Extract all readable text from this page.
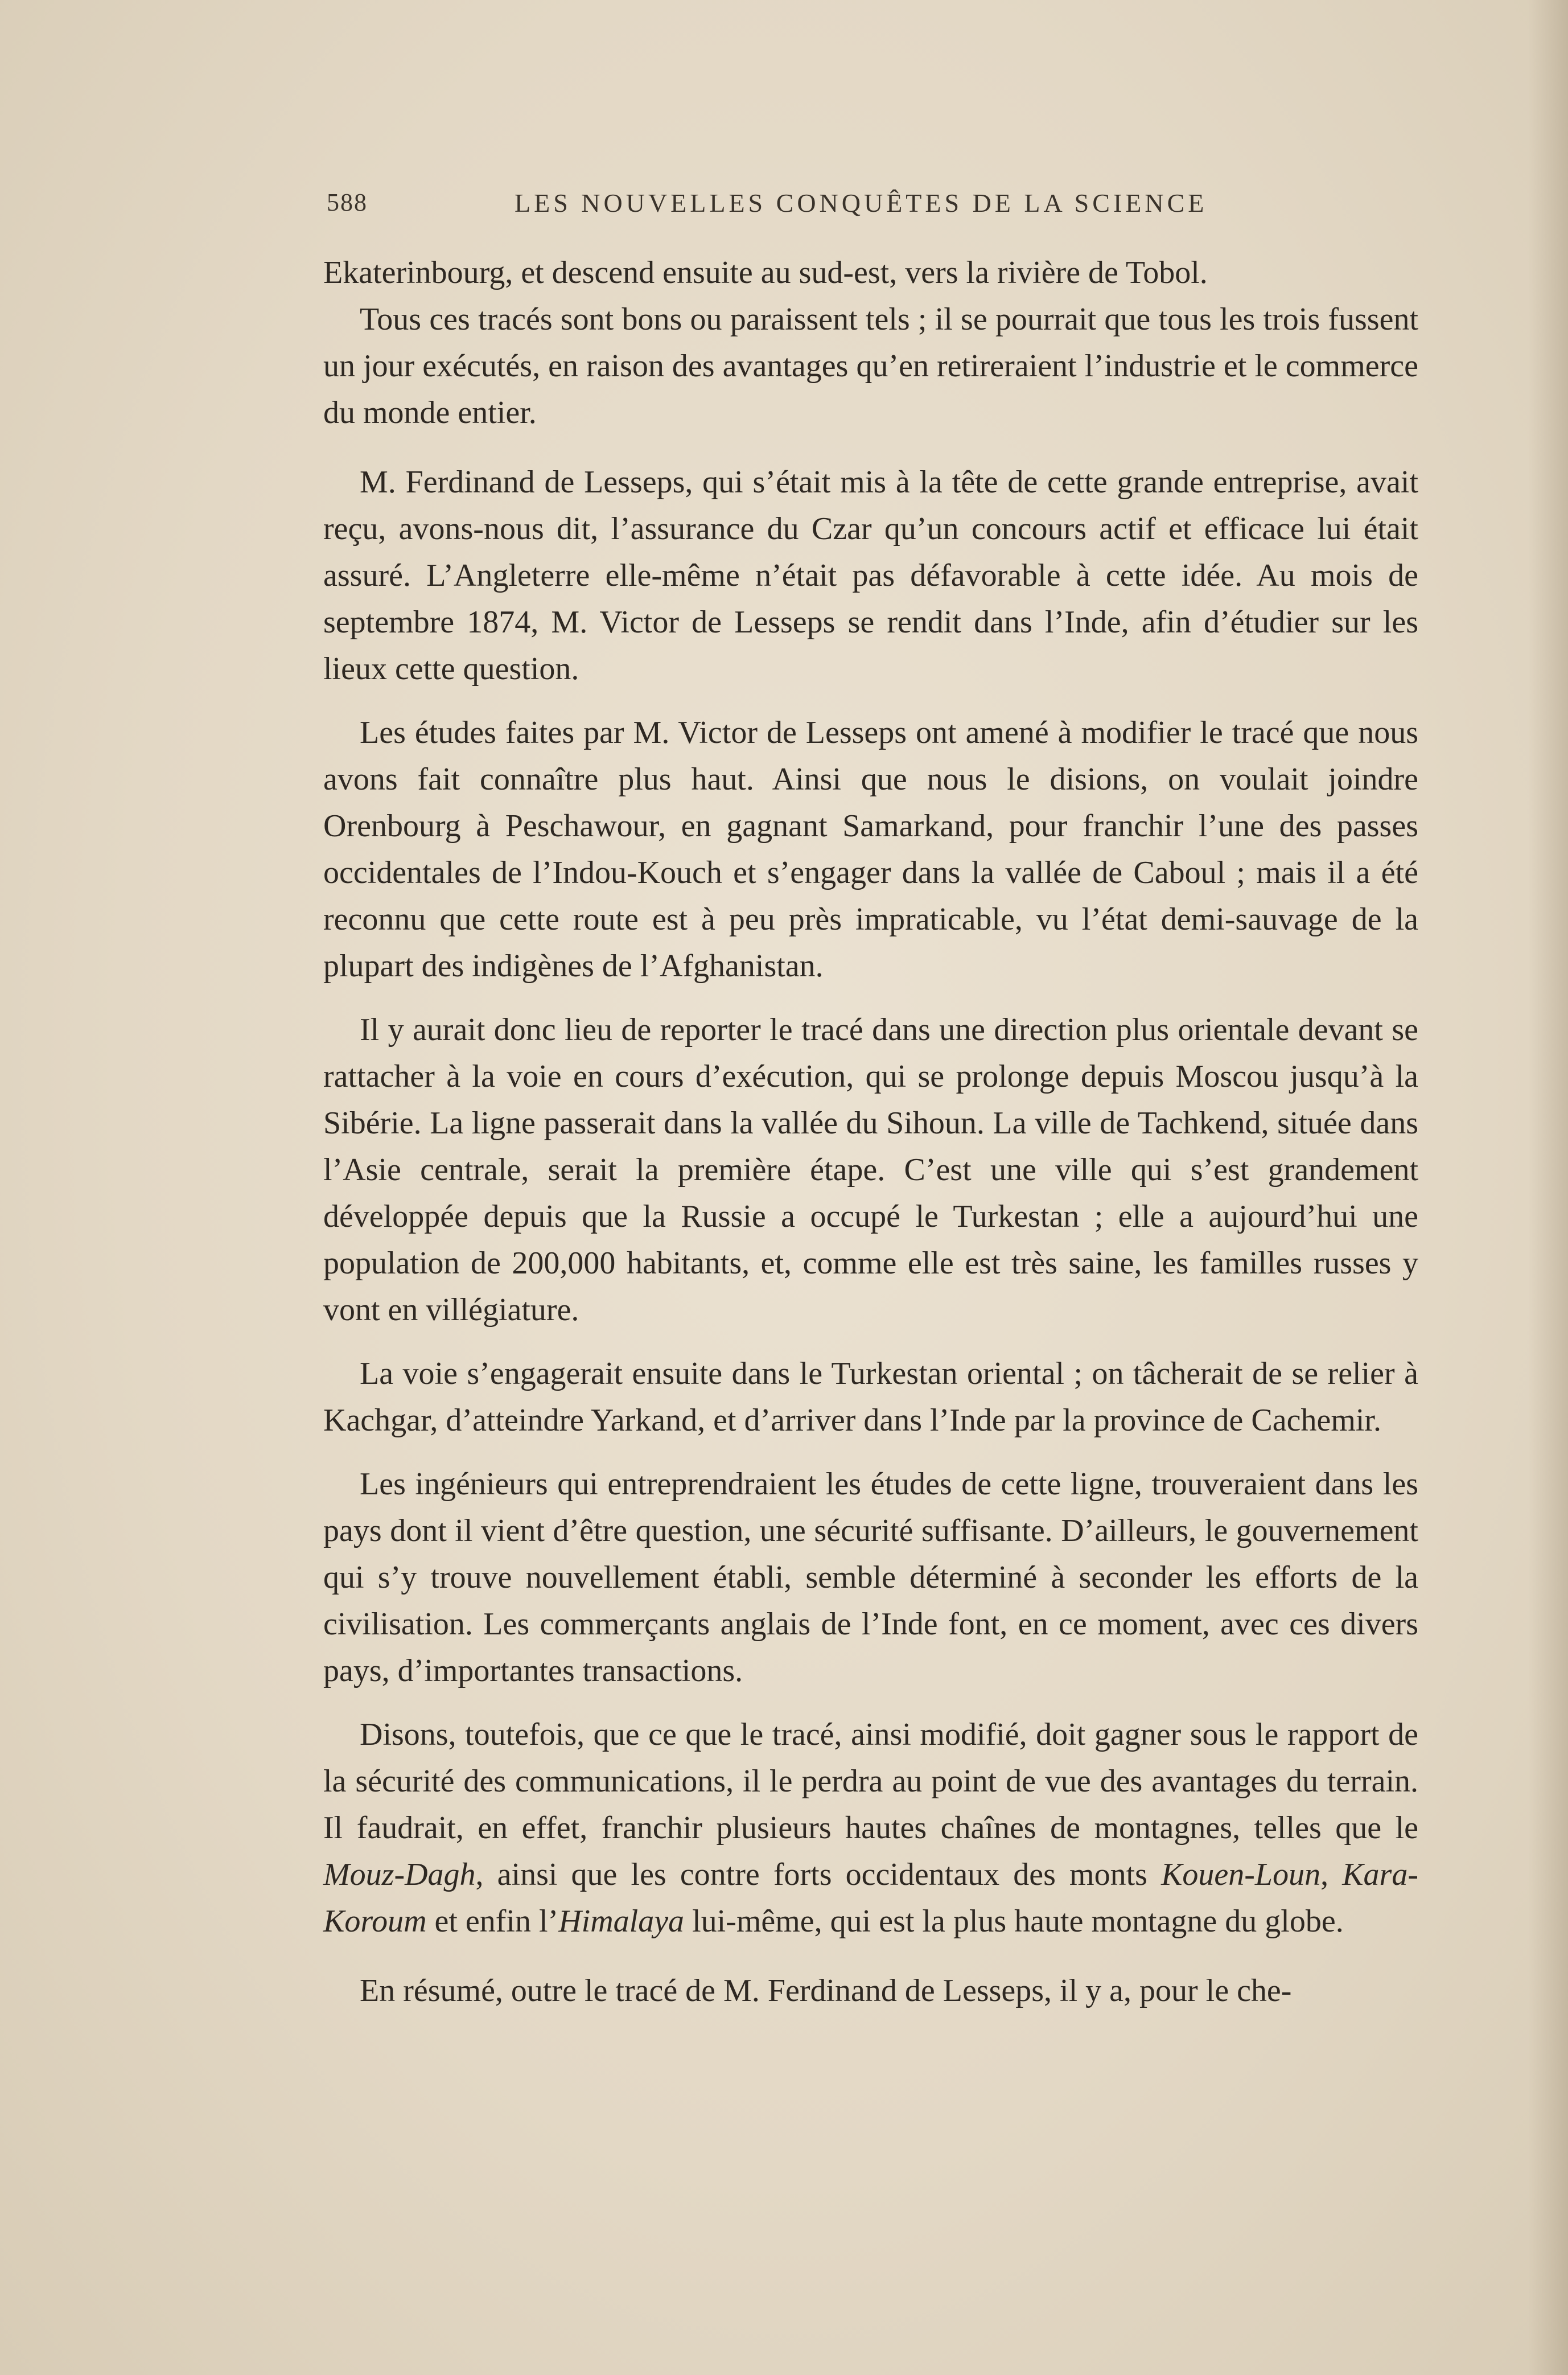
588	LES NOUVELLES CONQUÊTES DE LA SCIENCE

Ekaterinbourg, et descend ensuite au sud-est, vers la rivière de Tobol.

Tous ces tracés sont bons ou paraissent tels ; il se pourrait que tous les trois fussent un jour exécutés, en raison des avantages qu’en retireraient l’industrie et le commerce du monde entier.

M. Ferdinand de Lesseps, qui s’était mis à la tête de cette grande entreprise, avait reçu, avons-nous dit, l’assurance du Czar qu’un concours actif et efficace lui était assuré. L’Angleterre elle-même n’était pas défavorable à cette idée. Au mois de septembre 1874, M. Victor de Lesseps se rendit dans l’Inde, afin d’étudier sur les lieux cette question.

Les études faites par M. Victor de Lesseps ont amené à modifier le tracé que nous avons fait connaître plus haut. Ainsi que nous le disions, on voulait joindre Orenbourg à Peschawour, en gagnant Samarkand, pour franchir l’une des passes occidentales de l’Indou-Kouch et s’engager dans la vallée de Caboul ; mais il a été reconnu que cette route est à peu près impraticable, vu l’état demi-sauvage de la plupart des indigènes de l’Afghanistan.

Il y aurait donc lieu de reporter le tracé dans une direction plus orientale devant se rattacher à la voie en cours d’exécution, qui se prolonge depuis Moscou jusqu’à la Sibérie. La ligne passerait dans la vallée du Sihoun. La ville de Tachkend, située dans l’Asie centrale, serait la première étape. C’est une ville qui s’est grandement développée depuis que la Russie a occupé le Turkestan ; elle a aujourd’hui une population de 200,000 habitants, et, comme elle est très saine, les familles russes y vont en villégiature.

La voie s’engagerait ensuite dans le Turkestan oriental ; on tâcherait de se relier à Kachgar, d’atteindre Yarkand, et d’arriver dans l’Inde par la province de Cachemir.

Les ingénieurs qui entreprendraient les études de cette ligne, trouveraient dans les pays dont il vient d’être question, une sécurité suffisante. D’ailleurs, le gouvernement qui s’y trouve nouvellement établi, semble déterminé à seconder les efforts de la civilisation. Les commerçants anglais de l’Inde font, en ce moment, avec ces divers pays, d’importantes transactions.

Disons, toutefois, que ce que le tracé, ainsi modifié, doit gagner sous le rapport de la sécurité des communications, il le perdra au point de vue des avantages du terrain. Il faudrait, en effet, franchir plusieurs hautes chaînes de montagnes, telles que le Mouz-Dagh, ainsi que les contre forts occidentaux des monts Kouen-Loun, Kara-Koroum et enfin l’Himalaya lui-même, qui est la plus haute montagne du globe.

En résumé, outre le tracé de M. Ferdinand de Lesseps, il y a, pour le che-
